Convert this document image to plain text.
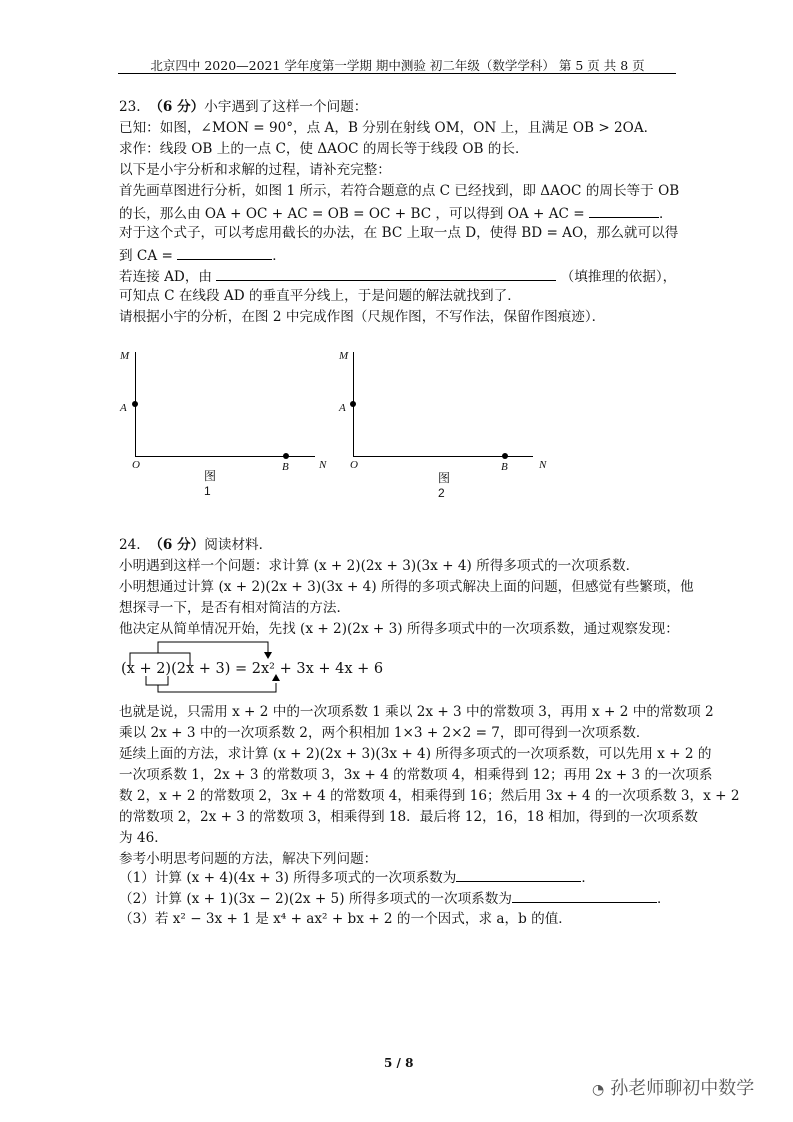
北京四中 2020—2021 学年度第一学期 期中测验 初二年级（数学学科） 第 5 页 共 8 页
23. （6 分）小宇遇到了这样一个问题：
已知：如图，∠MON = 90°，点 A，B 分别在射线 OM，ON 上，且满足 OB > 2OA．
求作：线段 OB 上的一点 C，使 ΔAOC 的周长等于线段 OB 的长．
以下是小宇分析和求解的过程，请补充完整：
首先画草图进行分析，如图 1 所示，若符合题意的点 C 已经找到，即 ΔAOC 的周长等于 OB
的长，那么由 OA + OC + AC = OB = OC + BC ，可以得到 OA + AC =	．
对于这个式子，可以考虑用截长的办法，在 BC 上取一点 D，使得 BD = AO，那么就可以得
到 CA =	．
若连接 AD，由	（填推理的依据），
可知点 C 在线段 AD 的垂直平分线上，于是问题的解法就找到了．
请根据小宇的分析，在图 2 中完成作图（尺规作图，不写作法，保留作图痕迹）．
M
A
O	B	N
图1
M
A
O	B	N
图2
24. （6 分）阅读材料．
小明遇到这样一个问题：求计算 (x + 2)(2x + 3)(3x + 4) 所得多项式的一次项系数．
小明想通过计算 (x + 2)(2x + 3)(3x + 4) 所得的多项式解决上面的问题，但感觉有些繁琐，他
想探寻一下，是否有相对简洁的方法．
他决定从简单情况开始，先找 (x + 2)(2x + 3) 所得多项式中的一次项系数，通过观察发现：
(x + 2)(2x + 3) = 2x² + 3x + 4x + 6
也就是说，只需用 x + 2 中的一次项系数 1 乘以 2x + 3 中的常数项 3，再用 x + 2 中的常数项 2
乘以 2x + 3 中的一次项系数 2，两个积相加 1×3 + 2×2 = 7，即可得到一次项系数．
延续上面的方法，求计算 (x + 2)(2x + 3)(3x + 4) 所得多项式的一次项系数，可以先用 x + 2 的
一次项系数 1，2x + 3 的常数项 3，3x + 4 的常数项 4，相乘得到 12；再用 2x + 3 的一次项系
数 2，x + 2 的常数项 2，3x + 4 的常数项 4，相乘得到 16；然后用 3x + 4 的一次项系数 3，x + 2
的常数项 2，2x + 3 的常数项 3，相乘得到 18．最后将 12，16，18 相加，得到的一次项系数
为 46．
参考小明思考问题的方法，解决下列问题：
（1）计算 (x + 4)(4x + 3) 所得多项式的一次项系数为	．
（2）计算 (x + 1)(3x − 2)(2x + 5) 所得多项式的一次项系数为	．
（3）若 x² − 3x + 1 是 x⁴ + ax² + bx + 2 的一个因式，求 a，b 的值．
5 / 8
◔ 孙老师聊初中数学
